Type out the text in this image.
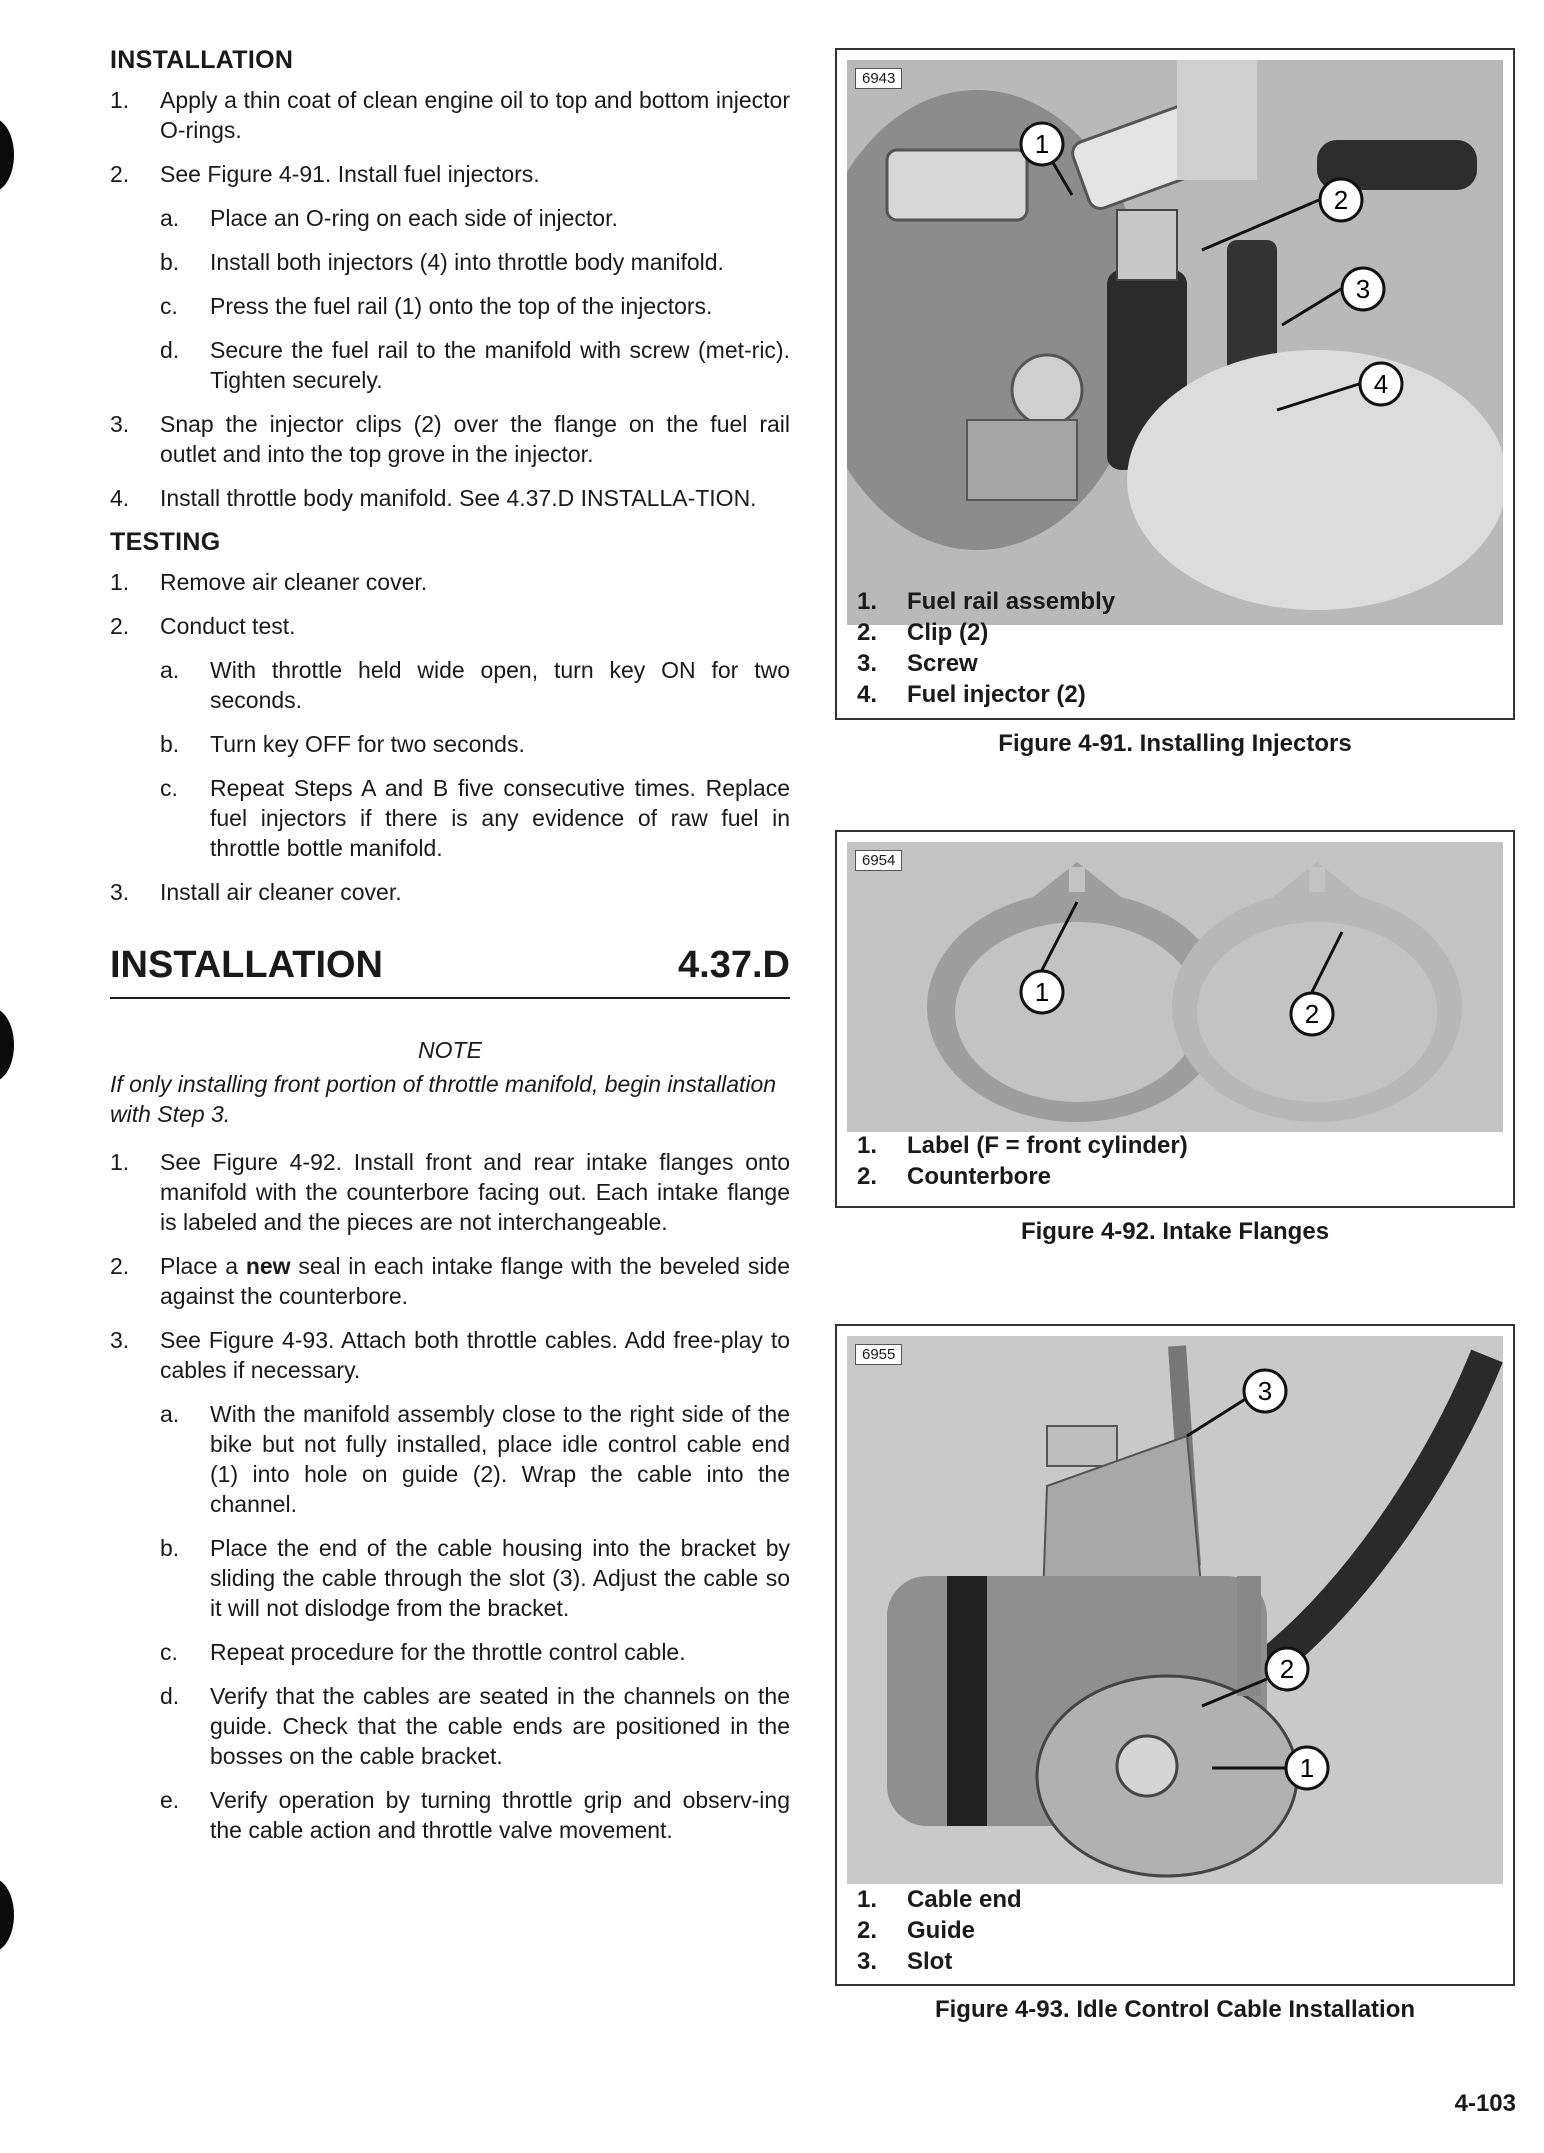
INSTALLATION
1.	Apply a thin coat of clean engine oil to top and bottom injector O-rings.
2.	See Figure 4-91. Install fuel injectors.
a.	Place an O-ring on each side of injector.
b.	Install both injectors (4) into throttle body manifold.
c.	Press the fuel rail (1) onto the top of the injectors.
d.	Secure the fuel rail to the manifold with screw (met-ric). Tighten securely.
3.	Snap the injector clips (2) over the flange on the fuel rail outlet and into the top grove in the injector.
4.	Install throttle body manifold. See 4.37.D INSTALLA-TION.
TESTING
1.	Remove air cleaner cover.
2.	Conduct test.
a.	With throttle held wide open, turn key ON for two seconds.
b.	Turn key OFF for two seconds.
c.	Repeat Steps A and B five consecutive times. Replace fuel injectors if there is any evidence of raw fuel in throttle bottle manifold.
3.	Install air cleaner cover.
INSTALLATION	4.37.D
NOTE
If only installing front portion of throttle manifold, begin installation with Step 3.
1.	See Figure 4-92. Install front and rear intake flanges onto manifold with the counterbore facing out. Each intake flange is labeled and the pieces are not interchangeable.
2.	Place a new seal in each intake flange with the beveled side against the counterbore.
3.	See Figure 4-93. Attach both throttle cables. Add free-play to cables if necessary.
a.	With the manifold assembly close to the right side of the bike but not fully installed, place idle control cable end (1) into hole on guide (2). Wrap the cable into the channel.
b.	Place the end of the cable housing into the bracket by sliding the cable through the slot (3). Adjust the cable so it will not dislodge from the bracket.
c.	Repeat procedure for the throttle control cable.
d.	Verify that the cables are seated in the channels on the guide. Check that the cable ends are positioned in the bosses on the cable bracket.
e.	Verify operation by turning throttle grip and observ-ing the cable action and throttle valve movement.
1
2
3
4
6943
1. Fuel rail assembly
2. Clip (2)
3. Screw
4. Fuel injector (2)
Figure 4-91. Installing Injectors
1
2
6954
1. Label (F = front cylinder)
2. Counterbore
Figure 4-92. Intake Flanges
3
2
1
6955
1. Cable end
2. Guide
3. Slot
Figure 4-93. Idle Control Cable Installation
4-103
